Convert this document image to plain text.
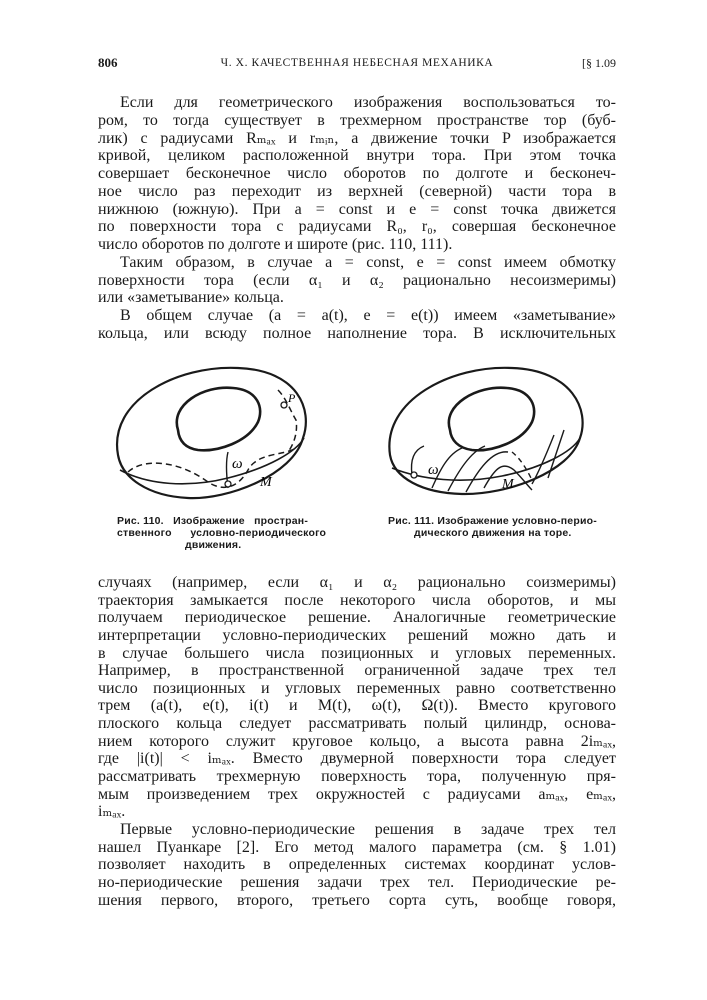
806	Ч. X. КАЧЕСТВЕННАЯ НЕБЕСНАЯ МЕХАНИКА	[§ 1.09
Если для геометрического изображения воспользоваться то-
ром, то тогда существует в трехмерном пространстве тор (буб-
лик) с радиусами Rₘₐₓ и rₘᵢₙ, а движение точки P изображается
кривой, целиком расположенной внутри тора. При этом точка
совершает бесконечное число оборотов по долготе и бесконеч-
ное число раз переходит из верхней (северной) части тора в
нижнюю (южную). При a = const и e = const точка движется
по поверхности тора с радиусами R₀, r₀, совершая бесконечное
число оборотов по долготе и широте (рис. 110, 111).
Таким образом, в случае a = const, e = const имеем обмотку
поверхности тора (если α₁ и α₂ рационально несоизмеримы)
или «заметывание» кольца.
В общем случае (a = a(t), e = e(t)) имеем «заметывание»
кольца, или всюду полное наполнение тора. В исключительных
ω
M
P
Рис. 110.   Изображение   простран-
ственного      условно-периодического
движения.
ω
M
Рис. 111. Изображение условно-перио-
дического движения на торе.
случаях (например, если α₁ и α₂ рационально соизмеримы)
траектория замыкается после некоторого числа оборотов, и мы
получаем периодическое решение. Аналогичные геометрические
интерпретации условно-периодических решений можно дать и
в случае большего числа позиционных и угловых переменных.
Например, в пространственной ограниченной задаче трех тел
число позиционных и угловых переменных равно соответственно
трем (a(t), e(t), i(t) и M(t), ω(t), Ω(t)). Вместо кругового
плоского кольца следует рассматривать полый цилиндр, основа-
нием которого служит круговое кольцо, а высота равна 2iₘₐₓ,
где |i(t)| < iₘₐₓ. Вместо двумерной поверхности тора следует
рассматривать трехмерную поверхность тора, полученную пря-
мым произведением трех окружностей с радиусами aₘₐₓ, eₘₐₓ,
iₘₐₓ.
Первые условно-периодические решения в задаче трех тел
нашел Пуанкаре [2]. Его метод малого параметра (см. § 1.01)
позволяет находить в определенных системах координат услов-
но-периодические решения задачи трех тел. Периодические ре-
шения первого, второго, третьего сорта суть, вообще говоря,
